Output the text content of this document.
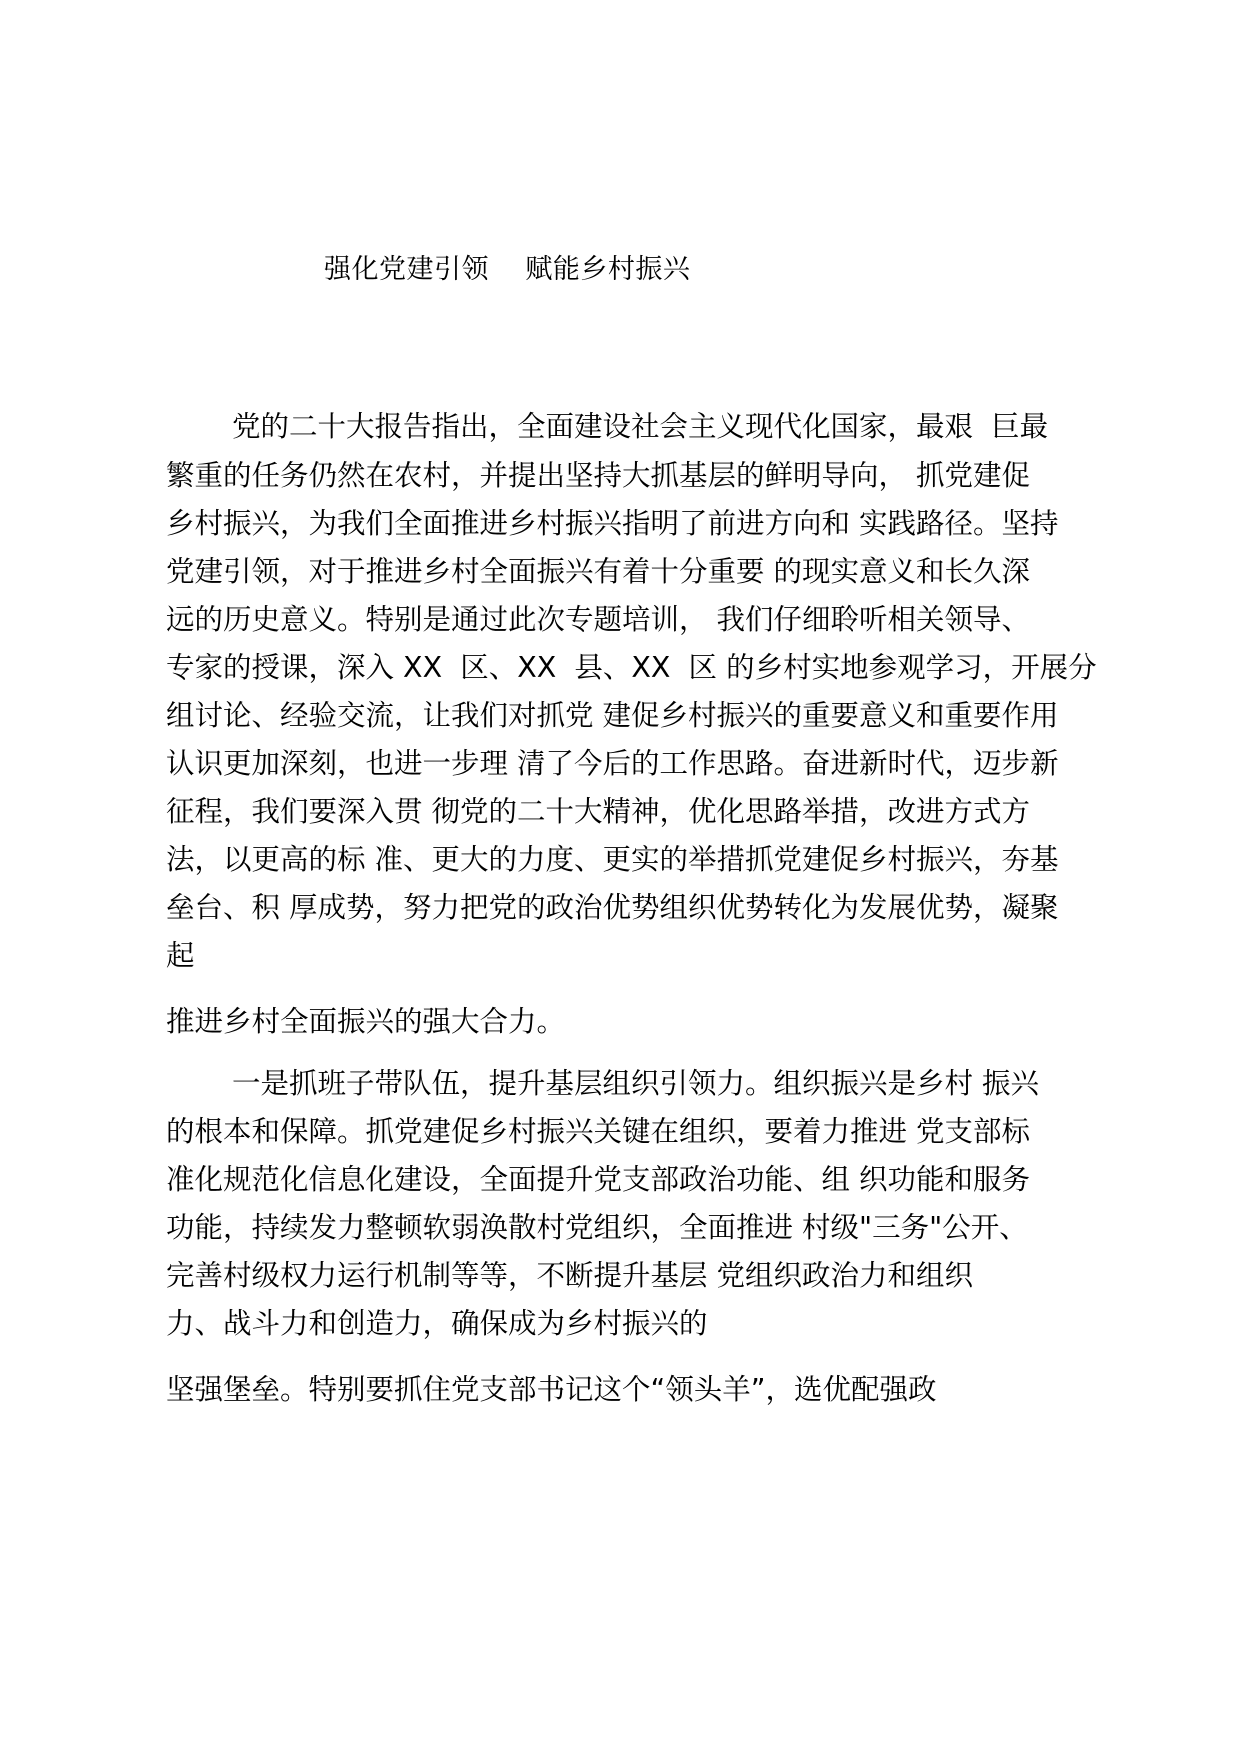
强化党建引领    赋能乡村振兴
党的二十大报告指出，全面建设社会主义现代化国家，最艰  巨最
繁重的任务仍然在农村，并提出坚持大抓基层的鲜明导向， 抓党建促
乡村振兴，为我们全面推进乡村振兴指明了前进方向和 实践路径。坚持
党建引领，对于推进乡村全面振兴有着十分重要 的现实意义和长久深
远的历史意义。特别是通过此次专题培训， 我们仔细聆听相关领导、
专家的授课，深入 XX  区、XX  县、XX  区 的乡村实地参观学习，开展分
组讨论、经验交流，让我们对抓党 建促乡村振兴的重要意义和重要作用
认识更加深刻，也进一步理 清了今后的工作思路。奋进新时代，迈步新
征程，我们要深入贯 彻党的二十大精神，优化思路举措，改进方式方
法，以更高的标 准、更大的力度、更实的举措抓党建促乡村振兴，夯基
垒台、积 厚成势，努力把党的政治优势组织优势转化为发展优势，凝聚
起
推进乡村全面振兴的强大合力。
一是抓班子带队伍，提升基层组织引领力。组织振兴是乡村 振兴
的根本和保障。抓党建促乡村振兴关键在组织，要着力推进 党支部标
准化规范化信息化建设，全面提升党支部政治功能、组 织功能和服务
功能，持续发力整顿软弱涣散村党组织，全面推进 村级"三务"公开、
完善村级权力运行机制等等，不断提升基层 党组织政治力和组织
力、战斗力和创造力，确保成为乡村振兴的
坚强堡垒。特别要抓住党支部书记这个“领头羊”，选优配强政
